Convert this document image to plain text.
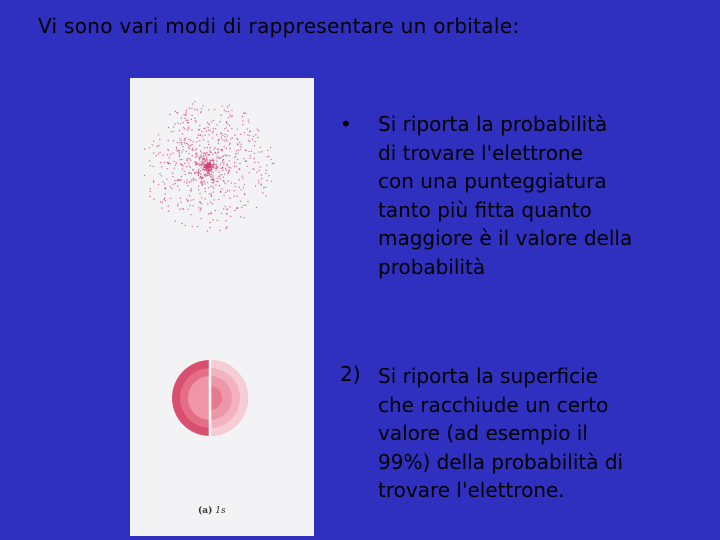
Vi sono vari modi di rappresentare un orbitale:
(a) 1s
• Si riporta la probabilità
di trovare l'elettrone
con una punteggiatura
tanto più fitta quanto
maggiore è il valore della
probabilità
2) Si riporta la superficie
che racchiude un certo
valore (ad esempio il
99%) della probabilità di
trovare l'elettrone.
